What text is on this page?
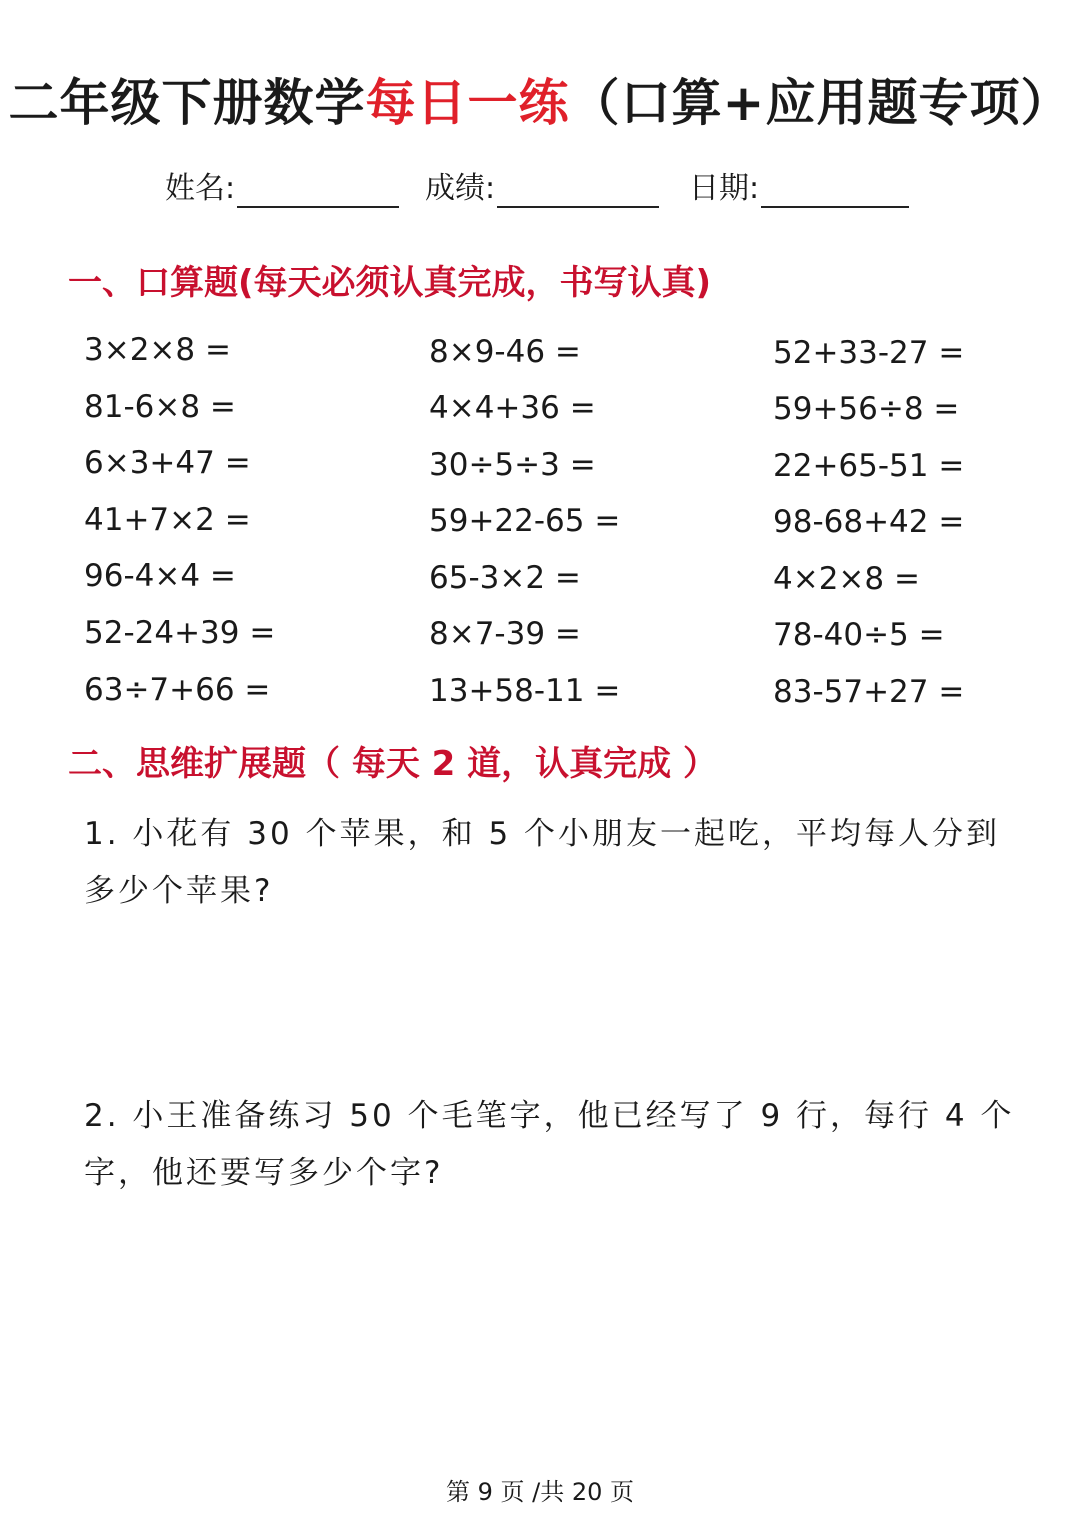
二年级下册数学每日一练（口算+应用题专项）
姓名:	成绩:	日期:
一、口算题(每天必须认真完成，书写认真)
3×2×8 =
81-6×8 =
6×3+47 =
41+7×2 =
96-4×4 =
52-24+39 =
63÷7+66 =
8×9-46 =
4×4+36 =
30÷5÷3 =
59+22-65 =
65-3×2 =
8×7-39 =
13+58-11 =
52+33-27 =
59+56÷8 =
22+65-51 =
98-68+42 =
4×2×8 =
78-40÷5 =
83-57+27 =
二、思维扩展题（ 每天 2 道，认真完成 ）
1. 小花有 30 个苹果，和 5 个小朋友一起吃，平均每人分到多少个苹果?
2. 小王准备练习 50 个毛笔字，他已经写了 9 行，每行 4 个字，他还要写多少个字?
第 9 页 /共 20 页
